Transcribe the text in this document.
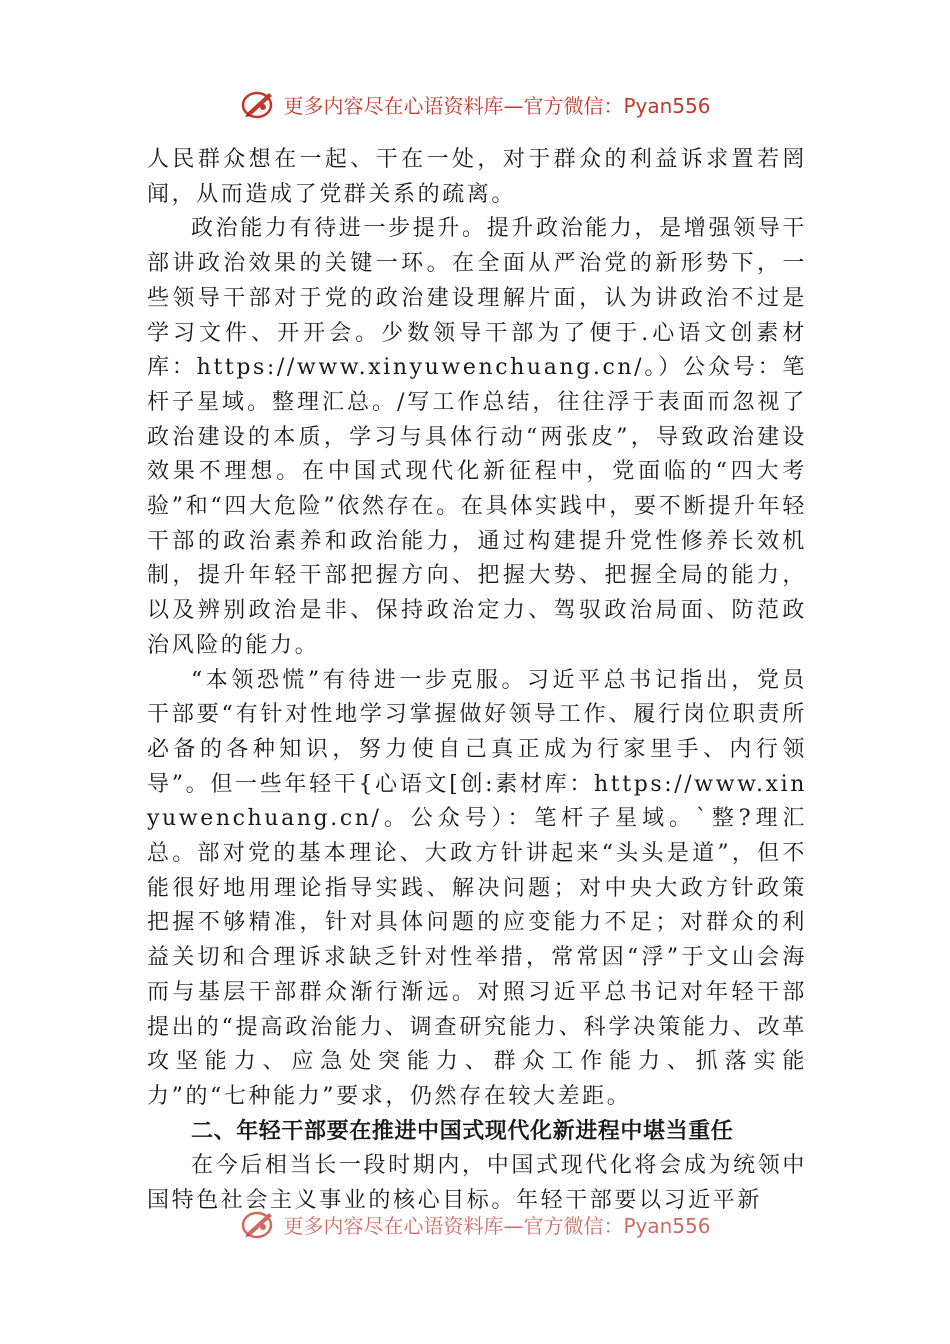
更多内容尽在心语资料库—官方微信：Pyan556

人民群众想在一起、干在一处，对于群众的利益诉求置若罔闻，从而造成了党群关系的疏离。

政治能力有待进一步提升。提升政治能力，是增强领导干部讲政治效果的关键一环。在全面从严治党的新形势下，一些领导干部对于党的政治建设理解片面，认为讲政治不过是学习文件、开开会。少数领导干部为了便于.心语文创素材库：https://www.xinyuwenchuang.cn/。）公众号：笔杆子星域。整理汇总。/写工作总结，往往浮于表面而忽视了政治建设的本质，学习与具体行动“两张皮”，导致政治建设效果不理想。在中国式现代化新征程中，党面临的“四大考验”和“四大危险”依然存在。在具体实践中，要不断提升年轻干部的政治素养和政治能力，通过构建提升党性修养长效机制，提升年轻干部把握方向、把握大势、把握全局的能力，以及辨别政治是非、保持政治定力、驾驭政治局面、防范政治风险的能力。

“本领恐慌”有待进一步克服。习近平总书记指出，党员干部要“有针对性地学习掌握做好领导工作、履行岗位职责所必备的各种知识，努力使自己真正成为行家里手、内行领导”。但一些年轻干{心语文[创:素材库：https://www.xinyuwenchuang.cn/。公众号）：笔杆子星域。`整?理汇总。部对党的基本理论、大政方针讲起来“头头是道”，但不能很好地用理论指导实践、解决问题；对中央大政方针政策把握不够精准，针对具体问题的应变能力不足；对群众的利益关切和合理诉求缺乏针对性举措，常常因“浮”于文山会海而与基层干部群众渐行渐远。对照习近平总书记对年轻干部提出的“提高政治能力、调查研究能力、科学决策能力、改革攻坚能力、应急处突能力、群众工作能力、抓落实能力”的“七种能力”要求，仍然存在较大差距。

二、年轻干部要在推进中国式现代化新进程中堪当重任

在今后相当长一段时期内，中国式现代化将会成为统领中国特色社会主义事业的核心目标。年轻干部要以习近平新

更多内容尽在心语资料库—官方微信：Pyan556
